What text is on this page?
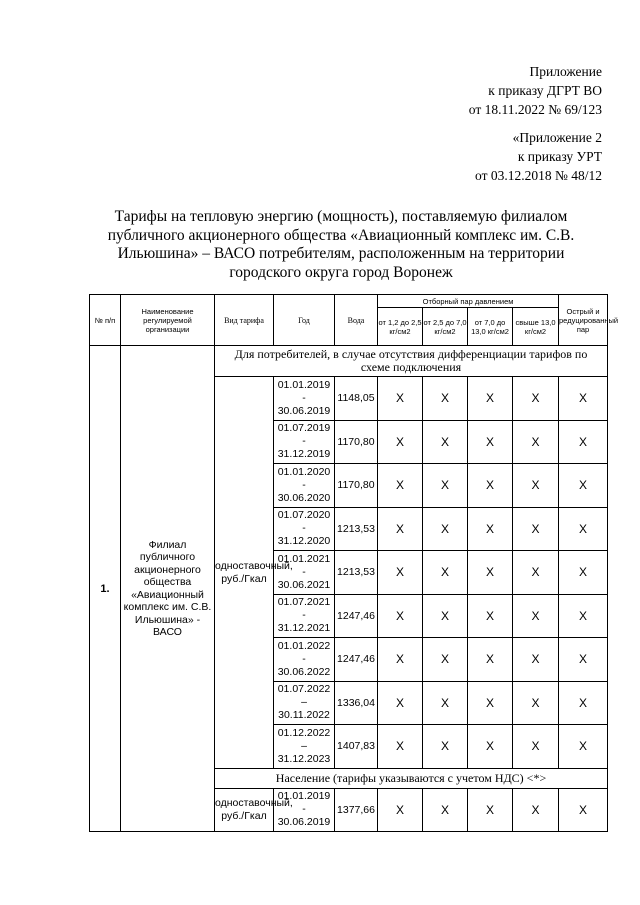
Приложение
к приказу ДГРТ ВО
от 18.11.2022 № 69/123
«Приложение 2
к приказу УРТ
от 03.12.2018 № 48/12
Тарифы на тепловую энергию (мощность), поставляемую филиалом публичного акционерного общества «Авиационный комплекс им. С.В. Ильюшина» – ВАСО потребителям, расположенным на территории городского округа город Воронеж
№ п/п	Наименование регулируемой организации	Вид тарифа	Год	Вода	Отборный пар давлением				Острый и редуцированный пар
					от 1,2 до 2,5 кг/см2	от 2,5 до 7,0 кг/см2	от 7,0 до 13,0 кг/см2	свыше 13,0 кг/см2	
1.	Филиал публичного акционерного общества «Авиационный комплекс им. С.В. Ильюшина» - ВАСО	Для потребителей, в случае отсутствия дифференциации тарифов по схеме подключения							
		одноставочный, руб./Гкал	01.01.2019
-
30.06.2019	1148,05	X	X	X	X	X

			01.07.2019
-
31.12.2019	1170,80	X	X	X	X	X

			01.01.2020
-
30.06.2020	1170,80	X	X	X	X	X

			01.07.2020
-
31.12.2020	1213,53	X	X	X	X	X

			01.01.2021
-
30.06.2021	1213,53	X	X	X	X	X

			01.07.2021
-
31.12.2021	1247,46	X	X	X	X	X

			01.01.2022
-
30.06.2022	1247,46	X	X	X	X	X

			01.07.2022
–
30.11.2022	1336,04	X	X	X	X	X

			01.12.2022
–
31.12.2023	1407,83	X	X	X	X	X
		Население (тарифы указываются с учетом НДС) <*>							
		одноставочный, руб./Гкал	01.01.2019
-
30.06.2019	1377,66	X	X	X	X	X
